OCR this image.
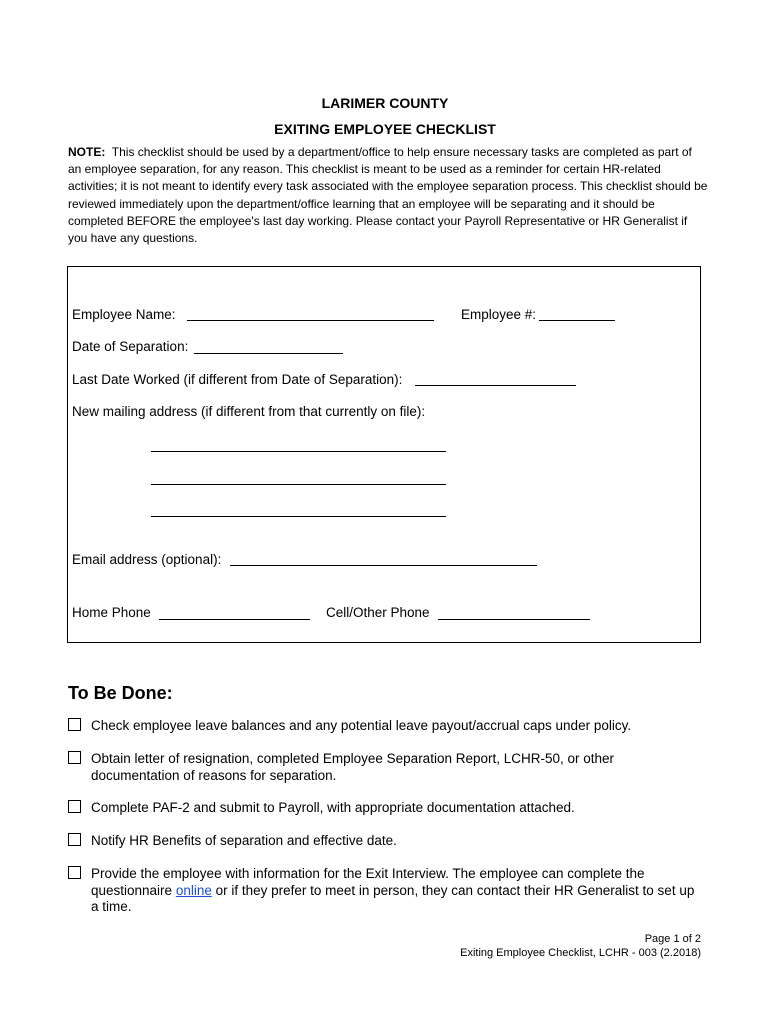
LARIMER COUNTY
EXITING EMPLOYEE CHECKLIST
NOTE: This checklist should be used by a department/office to help ensure necessary tasks are completed as part of an employee separation, for any reason. This checklist is meant to be used as a reminder for certain HR-related activities; it is not meant to identify every task associated with the employee separation process. This checklist should be reviewed immediately upon the department/office learning that an employee will be separating and it should be completed BEFORE the employee's last day working. Please contact your Payroll Representative or HR Generalist if you have any questions.
Employee Name:	Employee #:
Date of Separation:
Last Date Worked (if different from Date of Separation):
New mailing address (if different from that currently on file):
Email address (optional):
Home Phone	Cell/Other Phone
To Be Done:
Check employee leave balances and any potential leave payout/accrual caps under policy.
Obtain letter of resignation, completed Employee Separation Report, LCHR-50, or other documentation of reasons for separation.
Complete PAF-2 and submit to Payroll, with appropriate documentation attached.
Notify HR Benefits of separation and effective date.
Provide the employee with information for the Exit Interview. The employee can complete the questionnaire online or if they prefer to meet in person, they can contact their HR Generalist to set up a time.
Page 1 of 2
Exiting Employee Checklist, LCHR - 003 (2.2018)
